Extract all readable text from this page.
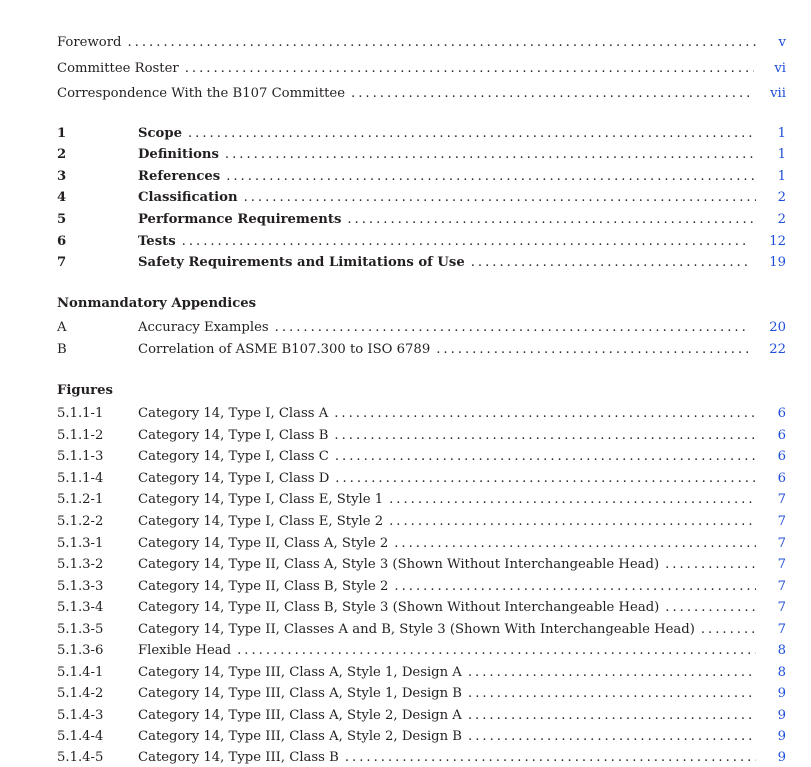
Foreword . . .	v
Committee Roster . . .	vi
Correspondence With the B107 Committee . . .	vii
1	Scope . . .	1
2	Definitions . . .	1
3	References . . .	1
4	Classification . . .	2
5	Performance Requirements . . .	2
6	Tests . . .	12
7	Safety Requirements and Limitations of Use . . .	19
Nonmandatory Appendices
A	Accuracy Examples . . .	20
B	Correlation of ASME B107.300 to ISO 6789 . . .	22
Figures
5.1.1-1	Category 14, Type I, Class A . . .	6
5.1.1-2	Category 14, Type I, Class B . . .	6
5.1.1-3	Category 14, Type I, Class C . . .	6
5.1.1-4	Category 14, Type I, Class D . . .	6
5.1.2-1	Category 14, Type I, Class E, Style 1 . . .	7
5.1.2-2	Category 14, Type I, Class E, Style 2 . . .	7
5.1.3-1	Category 14, Type II, Class A, Style 2 . . .	7
5.1.3-2	Category 14, Type II, Class A, Style 3 (Shown Without Interchangeable Head) . . .	7
5.1.3-3	Category 14, Type II, Class B, Style 2 . . .	7
5.1.3-4	Category 14, Type II, Class B, Style 3 (Shown Without Interchangeable Head) . . .	7
5.1.3-5	Category 14, Type II, Classes A and B, Style 3 (Shown With Interchangeable Head) . . .	7
5.1.3-6	Flexible Head . . .	8
5.1.4-1	Category 14, Type III, Class A, Style 1, Design A . . .	8
5.1.4-2	Category 14, Type III, Class A, Style 1, Design B . . .	9
5.1.4-3	Category 14, Type III, Class A, Style 2, Design A . . .	9
5.1.4-4	Category 14, Type III, Class A, Style 2, Design B . . .	9
5.1.4-5	Category 14, Type III, Class B . . .	9
